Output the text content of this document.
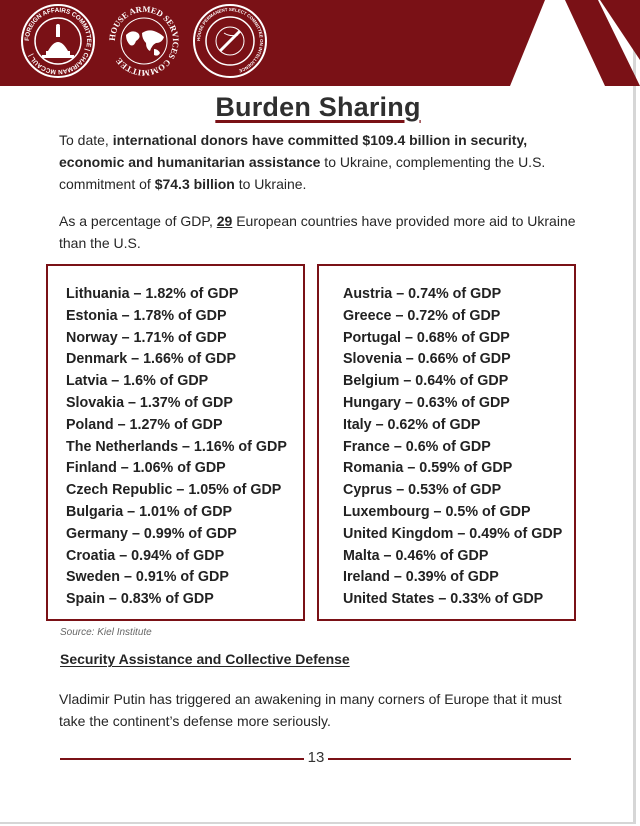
FOREIGN AFFAIRS COMMITTEE | CHAIRMAN MCCAUL |
HOUSE ARMED SERVICES COMMITTEE
HOUSE PERMANENT SELECT COMMITTEE ON INTELLIGENCE
Burden Sharing
To date, international donors have committed $109.4 billion in security, economic and humanitarian assistance to Ukraine, complementing the U.S. commitment of $74.3 billion to Ukraine.
As a percentage of GDP, 29 European countries have provided more aid to Ukraine than the U.S.
Lithuania – 1.82% of GDP
Estonia – 1.78% of GDP
Norway – 1.71% of GDP
Denmark – 1.66% of GDP
Latvia – 1.6% of GDP
Slovakia – 1.37% of GDP
Poland – 1.27% of GDP
The Netherlands – 1.16% of GDP
Finland – 1.06% of GDP
Czech Republic – 1.05% of GDP
Bulgaria – 1.01% of GDP
Germany – 0.99% of GDP
Croatia – 0.94% of GDP
Sweden – 0.91% of GDP
Spain – 0.83% of GDP
Austria – 0.74% of GDP
Greece – 0.72% of GDP
Portugal – 0.68% of GDP
Slovenia – 0.66% of GDP
Belgium – 0.64% of GDP
Hungary – 0.63% of GDP
Italy – 0.62% of GDP
France – 0.6% of GDP
Romania – 0.59% of GDP
Cyprus – 0.53% of GDP
Luxembourg – 0.5% of GDP
United Kingdom – 0.49% of GDP
Malta – 0.46% of GDP
Ireland – 0.39% of GDP
United States – 0.33% of GDP
Source: Kiel Institute
Security Assistance and Collective Defense
Vladimir Putin has triggered an awakening in many corners of Europe that it must take the continent’s defense more seriously.
13
